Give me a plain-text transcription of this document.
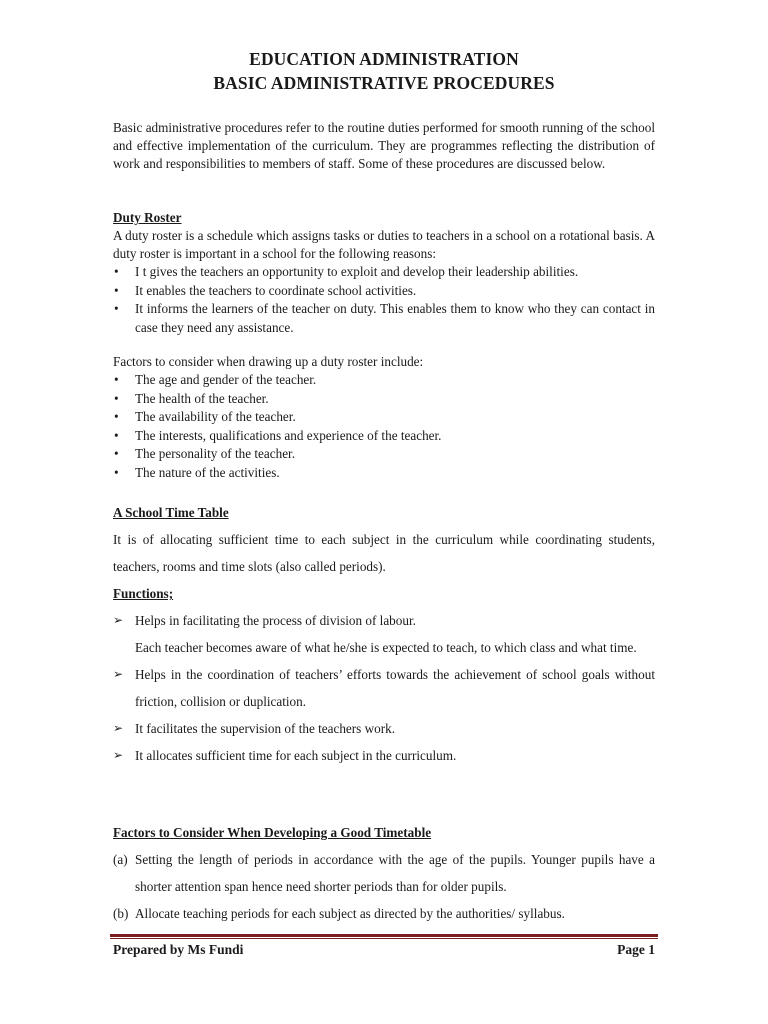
EDUCATION ADMINISTRATION
BASIC ADMINISTRATIVE PROCEDURES

Basic administrative procedures refer to the routine duties performed for smooth running of the school and effective implementation of the curriculum. They are programmes reflecting the distribution of work and responsibilities to members of staff. Some of these procedures are discussed below.

Duty Roster

A duty roster is a schedule which assigns tasks or duties to teachers in a school on a rotational basis. A duty roster is important in a school for the following reasons:

• I t gives the teachers an opportunity to exploit and develop their leadership abilities.
• It enables the teachers to coordinate school activities.
• It informs the learners of the teacher on duty. This enables them to know who they can contact in case they need any assistance.

Factors to consider when drawing up a duty roster include:

• The age and gender of the teacher.
• The health of the teacher.
• The availability of the teacher.
• The interests, qualifications and experience of the teacher.
• The personality of the teacher.
• The nature of the activities.

A School Time Table

It is of allocating sufficient time to each subject in the curriculum while coordinating students, teachers, rooms and time slots (also called periods).

Functions;

➢ Helps in facilitating the process of division of labour.

Each teacher becomes aware of what he/she is expected to teach, to which class and what time.

➢ Helps in the coordination of teachers’ efforts towards the achievement of school goals without friction, collision or duplication.
➢ It facilitates the supervision of the teachers work.
➢ It allocates sufficient time for each subject in the curriculum.

Factors to Consider When Developing a Good Timetable

(a) Setting the length of periods in accordance with the age of the pupils. Younger pupils have a shorter attention span hence need shorter periods than for older pupils.
(b) Allocate teaching periods for each subject as directed by the authorities/ syllabus.
Prepared by Ms Fundi	Page 1
